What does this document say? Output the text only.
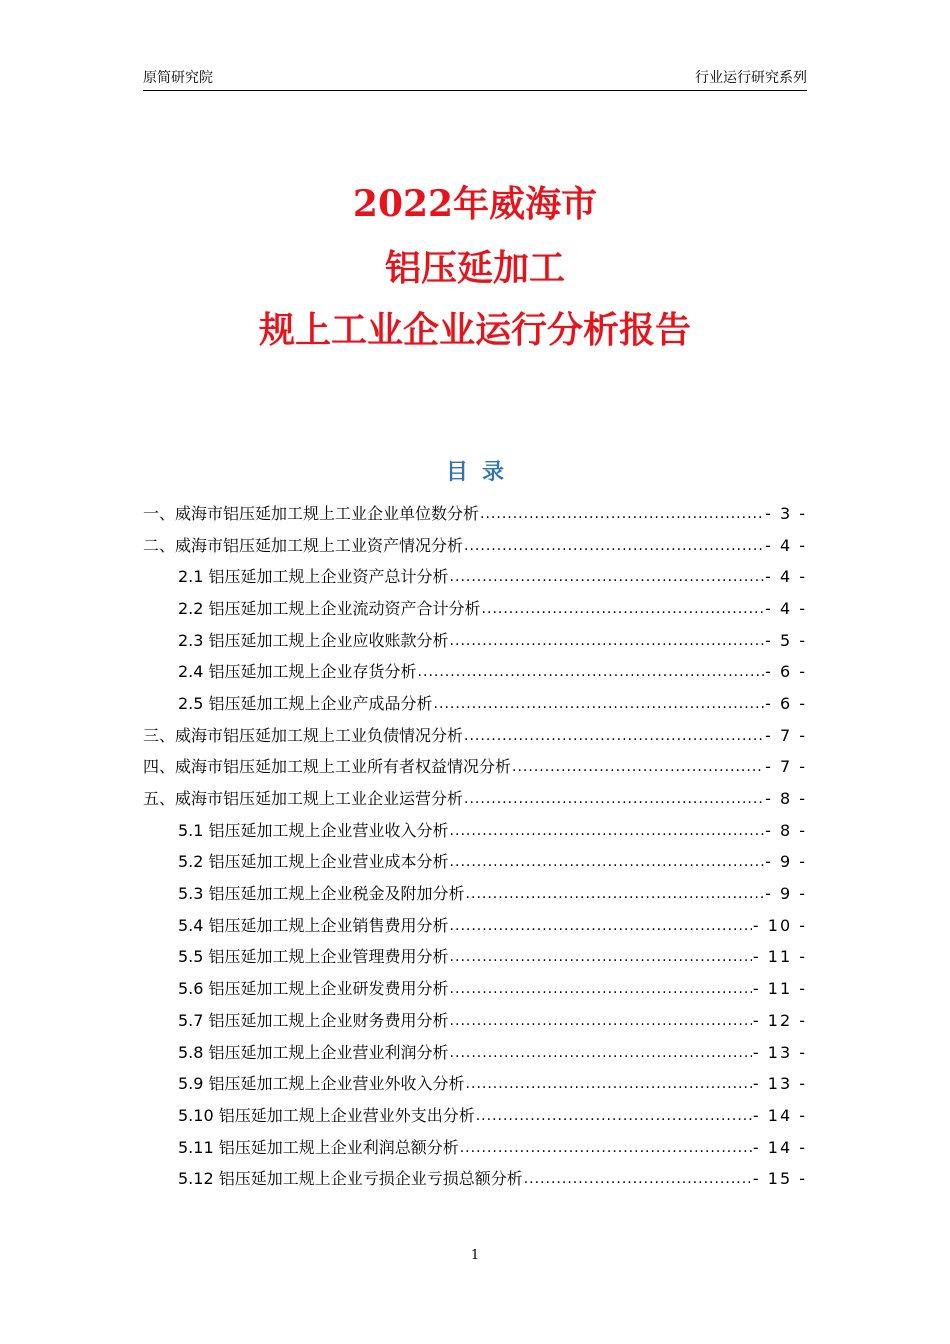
原简研究院	行业运行研究系列
2022年威海市
铝压延加工
规上工业企业运行分析报告
目录
一、威海市铝压延加工规上工业企业单位数分析 .....	- 3 -
二、威海市铝压延加工规上工业资产情况分析 .....	- 4 -
2.1 铝压延加工规上企业资产总计分析 .....	- 4 -
2.2 铝压延加工规上企业流动资产合计分析 .....	- 4 -
2.3 铝压延加工规上企业应收账款分析 .....	- 5 -
2.4 铝压延加工规上企业存货分析 .....	- 6 -
2.5 铝压延加工规上企业产成品分析 .....	- 6 -
三、威海市铝压延加工规上工业负债情况分析 .....	- 7 -
四、威海市铝压延加工规上工业所有者权益情况分析 .....	- 7 -
五、威海市铝压延加工规上工业企业运营分析 .....	- 8 -
5.1 铝压延加工规上企业营业收入分析 .....	- 8 -
5.2 铝压延加工规上企业营业成本分析 .....	- 9 -
5.3 铝压延加工规上企业税金及附加分析 .....	- 9 -
5.4 铝压延加工规上企业销售费用分析 .....	- 10 -
5.5 铝压延加工规上企业管理费用分析 .....	- 11 -
5.6 铝压延加工规上企业研发费用分析 .....	- 11 -
5.7 铝压延加工规上企业财务费用分析 .....	- 12 -
5.8 铝压延加工规上企业营业利润分析 .....	- 13 -
5.9 铝压延加工规上企业营业外收入分析 .....	- 13 -
5.10 铝压延加工规上企业营业外支出分析 .....	- 14 -
5.11 铝压延加工规上企业利润总额分析 .....	- 14 -
5.12 铝压延加工规上企业亏损企业亏损总额分析 .....	- 15 -
1
